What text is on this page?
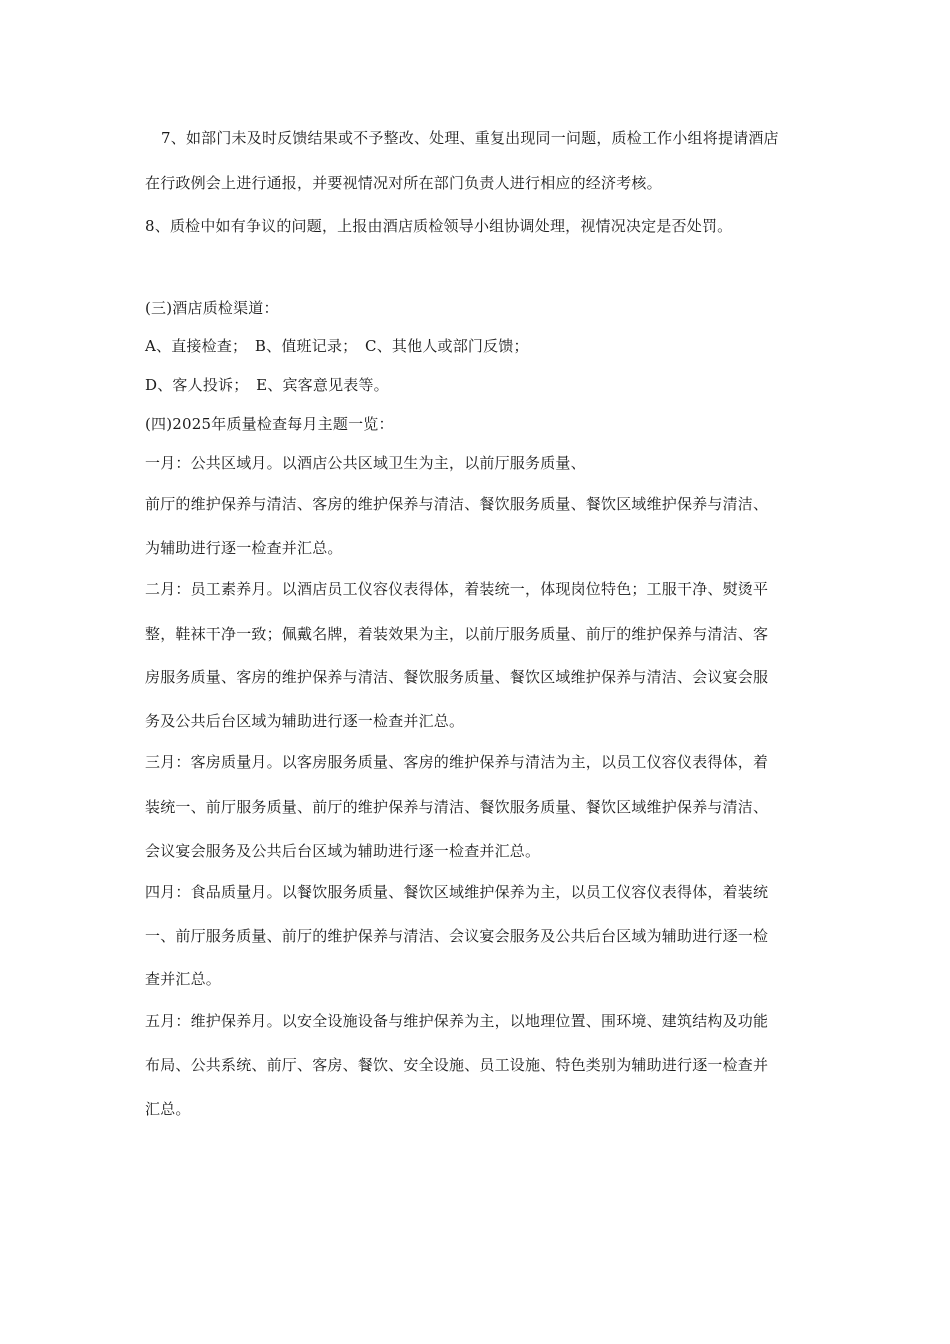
7、如部门未及时反馈结果或不予整改、处理、重复出现同一问题，质检工作小组将提请酒店
在行政例会上进行通报，并要视情况对所在部门负责人进行相应的经济考核。
8、质检中如有争议的问题，上报由酒店质检领导小组协调处理，视情况决定是否处罚。
(三)酒店质检渠道：
A、直接检查；　B、值班记录；　C、其他人或部门反馈；
D、客人投诉；　E、宾客意见表等。
(四)2025年质量检查每月主题一览：
一月：公共区域月。以酒店公共区域卫生为主，以前厅服务质量、
前厅的维护保养与清洁、客房的维护保养与清洁、餐饮服务质量、餐饮区域维护保养与清洁、
为辅助进行逐一检查并汇总。
二月：员工素养月。以酒店员工仪容仪表得体，着装统一，体现岗位特色；工服干净、熨烫平
整，鞋袜干净一致；佩戴名牌，着装效果为主，以前厅服务质量、前厅的维护保养与清洁、客
房服务质量、客房的维护保养与清洁、餐饮服务质量、餐饮区域维护保养与清洁、会议宴会服
务及公共后台区域为辅助进行逐一检查并汇总。
三月：客房质量月。以客房服务质量、客房的维护保养与清洁为主，以员工仪容仪表得体，着
装统一、前厅服务质量、前厅的维护保养与清洁、餐饮服务质量、餐饮区域维护保养与清洁、
会议宴会服务及公共后台区域为辅助进行逐一检查并汇总。
四月：食品质量月。以餐饮服务质量、餐饮区域维护保养为主，以员工仪容仪表得体，着装统
一、前厅服务质量、前厅的维护保养与清洁、会议宴会服务及公共后台区域为辅助进行逐一检
查并汇总。
五月：维护保养月。以安全设施设备与维护保养为主，以地理位置、围环境、建筑结构及功能
布局、公共系统、前厅、客房、餐饮、安全设施、员工设施、特色类别为辅助进行逐一检查并
汇总。
